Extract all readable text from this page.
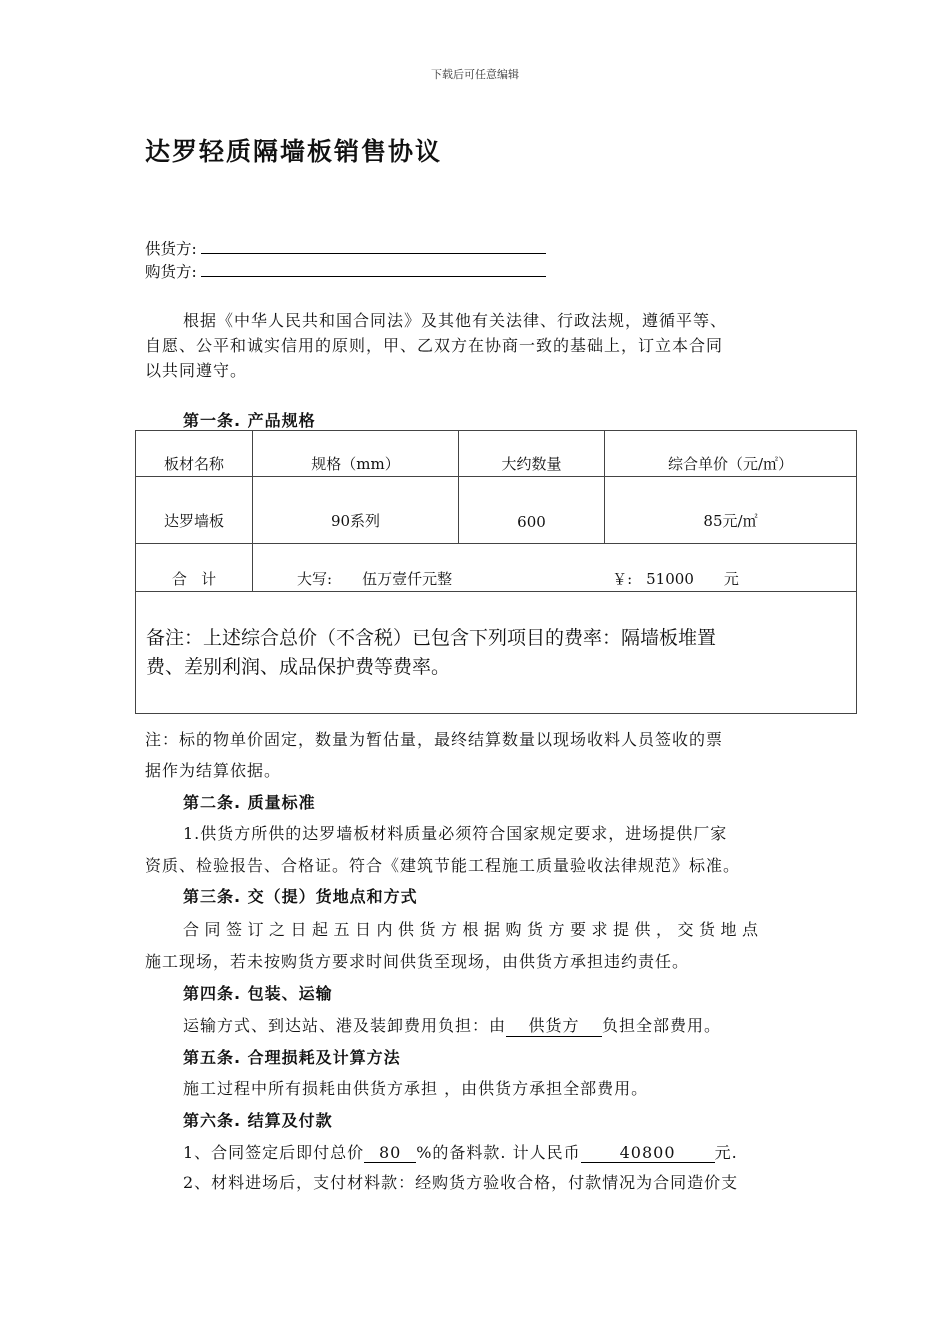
下载后可任意编辑
达罗轻质隔墙板销售协议
供货方:
购货方:
根据《中华人民共和国合同法》及其他有关法律、行政法规，遵循平等、
自愿、公平和诚实信用的原则，甲、乙双方在协商一致的基础上，订立本合同
以共同遵守。
第一条. 产品规格
板材名称	规格（mm）	大约数量	综合单价（元/㎡）
达罗墙板	90系列	600	85元/㎡
合   计	大写: 伍万壹仟元整 ￥: 51000 元		

备注：上述综合总价（不含税）已包含下列项目的费率：隔墙板堆置
费、差别利润、成品保护费等费率。			
注：标的物单价固定，数量为暂估量，最终结算数量以现场收料人员签收的票
据作为结算依据。
第二条. 质量标准
1.供货方所供的达罗墙板材料质量必须符合国家规定要求，进场提供厂家
资质、检验报告、合格证。符合《建筑节能工程施工质量验收法律规范》标准。
第三条. 交（提）货地点和方式
合同签订之日起五日内供货方根据购货方要求提供，交货地点
施工现场，若未按购货方要求时间供货至现场，由供货方承担违约责任。
第四条. 包装、运输
运输方式、到达站、港及装卸费用负担：由 供货方 负担全部费用。
第五条. 合理损耗及计算方法
施工过程中所有损耗由供货方承担 ，由供货方承担全部费用。
第六条. 结算及付款
1、合同签定后即付总价 80 %的备料款. 计人民币 40800 元.
2、材料进场后，支付材料款：经购货方验收合格，付款情况为合同造价支
